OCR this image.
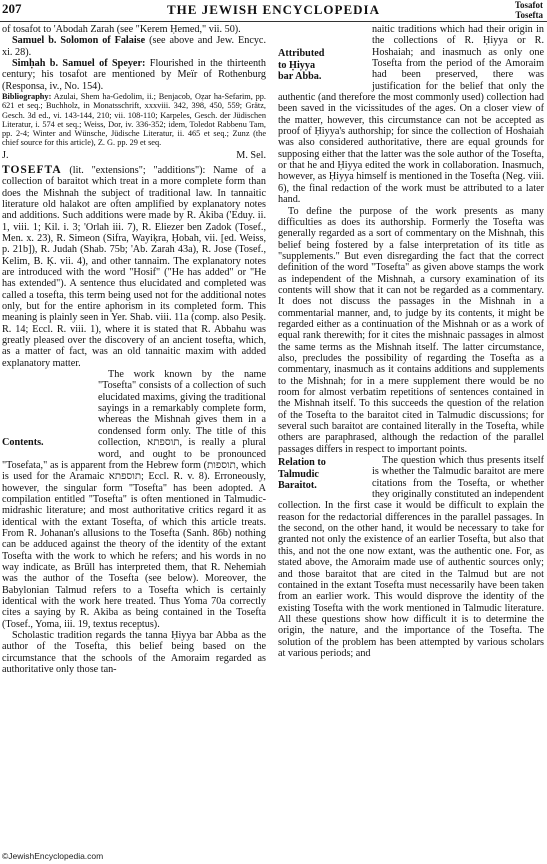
207	THE JEWISH ENCYCLOPEDIA	Tosafot
Tosefta

of tosafot to 'Abodah Zarah (see "Kerem Ḥemed," vii. 50).

Samuel b. Solomon of Falaise (see above and Jew. Encyc. xi. 28).

Simḥah b. Samuel of Speyer: Flourished in the thirteenth century; his tosafot are mentioned by Meïr of Rothenburg (Responsa, iv., No. 154).

Bibliography: Azulai, Shem ha-Gedolim, ii.; Benjacob, Oẓar ha-Sefarim, pp. 621 et seq.; Buchholz, in Monatsschrift, xxxviii. 342, 398, 450, 559; Grätz, Gesch. 3d ed., vi. 143-144, 210; vii. 108-110; Karpeles, Gesch. der Jüdischen Literatur, i. 574 et seq.; Weiss, Dor, iv. 336-352; idem, Toledot Rabbenu Tam, pp. 2-4; Winter and Wünsche, Jüdische Literatur, ii. 465 et seq.; Zunz (the chief source for this article), Z. G. pp. 29 et seq.

J.	M. Sel.

TOSEFTA (lit. "extensions"; "additions"): Name of a collection of baraitot which treat in a more complete form than does the Mishnah the subject of traditional law. In tannaitic literature old halakot are often amplified by explanatory notes and additions. Such additions were made by R. Akiba ('Eduy. ii. 1, viii. 1; Kil. i. 3; 'Orlah iii. 7), R. Eliezer ben Zadok (Tosef., Men. x. 23), R. Simeon (Sifra, Wayiḳra, Ḥobah, vii. [ed. Weiss, p. 21b]), R. Judah (Shab. 75b; 'Ab. Zarah 43a), R. Jose (Tosef., Kelim, B. Ḳ. vii. 4), and other tannaim. The explanatory notes are introduced with the word "Hosif" ("He has added" or "He has extended"). A sentence thus elucidated and completed was called a tosefta, this term being used not for the additional notes only, but for the entire aphorism in its completed form. This meaning is plainly seen in Yer. Shab. viii. 11a (comp. also Pesiḳ. R. 14; Eccl. R. viii. 1), where it is stated that R. Abbahu was greatly pleased over the discovery of an ancient tosefta, which, as a matter of fact, was an old tannaitic maxim with added explanatory matter.

Contents.

The work known by the name "Tosefta" consists of a collection of such elucidated maxims, giving the traditional sayings in a remarkably complete form, whereas the Mishnah gives them in a condensed form only. The title of this collection, תוספתא, is really a plural word, and ought to be pronounced "Tosefata," as is apparent from the Hebrew form (תוספות, which is used for the Aramaic תוספתא; Eccl. R. v. 8). Erroneously, however, the singular form "Tosefta" has been adopted. A compilation entitled "Tosefta" is often mentioned in Talmudic-midrashic literature; and most authoritative critics regard it as identical with the extant Tosefta, of which this article treats. From R. Johanan's allusions to the Tosefta (Sanh. 86b) nothing can be adduced against the theory of the identity of the extant Tosefta with the work to which he refers; and his words in no way indicate, as Brüll has interpreted them, that R. Nehemiah was the author of the Tosefta (see below). Moreover, the Babylonian Talmud refers to a Tosefta which is certainly identical with the work here treated. Thus Yoma 70a correctly cites a saying by R. Akiba as being contained in the Tosefta (Tosef., Yoma, iii. 19, textus receptus).

Scholastic tradition regards the tanna Ḥiyya bar Abba as the author of the Tosefta, this belief being based on the circumstance that the schools of the Amoraim regarded as authoritative only those tan-

Attributed
to Ḥiyya
bar Abba.

naitic traditions which had their origin in the collections of R. Ḥiyya or R. Hoshaiah; and inasmuch as only one Tosefta from the period of the Amoraim had been preserved, there was justification for the belief that only the authentic (and therefore the most commonly used) collection had been saved in the vicissitudes of the ages. On a closer view of the matter, however, this circumstance can not be accepted as proof of Ḥiyya's authorship; for since the collection of Hoshaiah was also considered authoritative, there are equal grounds for supposing either that the latter was the sole author of the Tosefta, or that he and Ḥiyya edited the work in collaboration. Inasmuch, however, as Ḥiyya himself is mentioned in the Tosefta (Neg. viii. 6), the final redaction of the work must be attributed to a later hand.

To define the purpose of the work presents as many difficulties as does its authorship. Formerly the Tosefta was generally regarded as a sort of commentary on the Mishnah, this belief being fostered by a false interpretation of its title as "supplements." But even disregarding the fact that the correct definition of the word "Tosefta" as given above stamps the work as independent of the Mishnah, a cursory examination of its contents will show that it can not be regarded as a commentary. It does not discuss the passages in the Mishnah in a commentarial manner, and, to judge by its contents, it might be regarded either as a continuation of the Mishnah or as a work of equal rank therewith; for it cites the mishnaic passages in almost the same terms as the Mishnah itself. The latter circumstance, also, precludes the possibility of regarding the Tosefta as a commentary, inasmuch as it contains additions and supplements to the Mishnah; for in a mere supplement there would be no room for almost verbatim repetitions of sentences contained in the Mishnah itself. To this succeeds the question of the relation of the Tosefta to the baraitot cited in Talmudic discussions; for several such baraitot are contained literally in the Tosefta, while others are paraphrased, although the redaction of the parallel passages differs in respect to important points.

Relation to
Talmudic
Baraitot.

The question which thus presents itself is whether the Talmudic baraitot are mere citations from the Tosefta, or whether they originally constituted an independent collection. In the first case it would be difficult to explain the reason for the redactorial differences in the parallel passages. In the second, on the other hand, it would be necessary to take for granted not only the existence of an earlier Tosefta, but also that this, and not the one now extant, was the authentic one. For, as stated above, the Amoraim made use of authentic sources only; and those baraitot that are cited in the Talmud but are not contained in the extant Tosefta must necessarily have been taken from an earlier work. This would disprove the identity of the existing Tosefta with the work mentioned in Talmudic literature. All these questions show how difficult it is to determine the origin, the nature, and the importance of the Tosefta. The solution of the problem has been attempted by various scholars at various periods; and

©JewishEncyclopedia.com
